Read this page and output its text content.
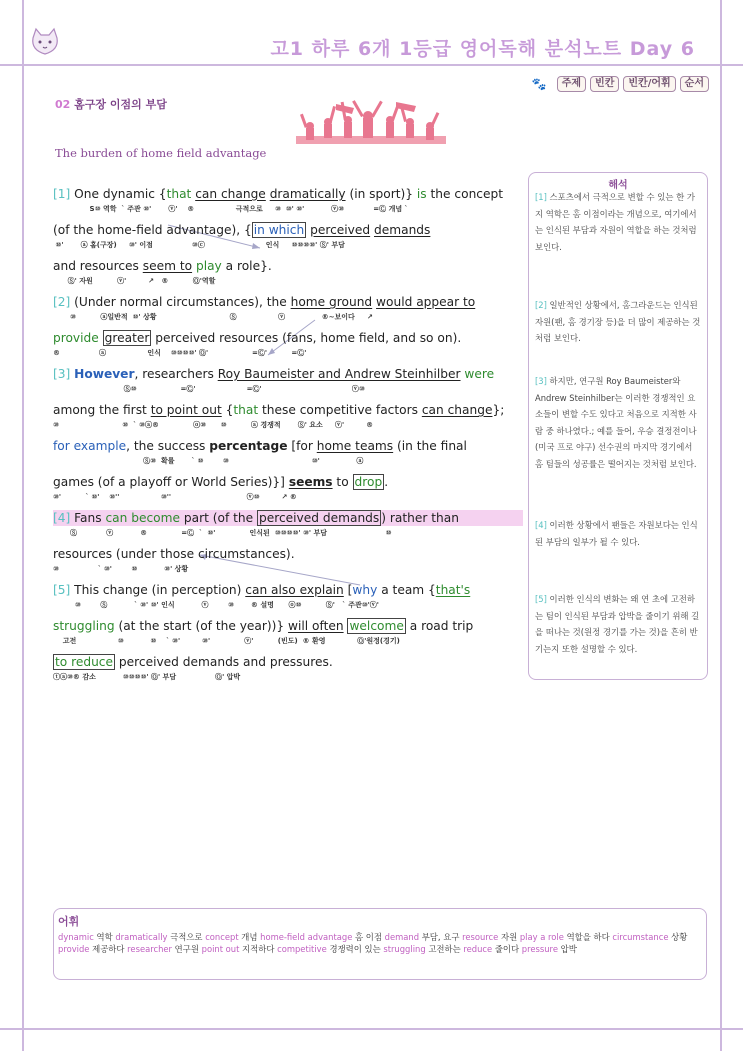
고1 하루 6개 1등급 영어독해 분석노트 Day 6
🐾	주제	빈칸	빈칸/어휘	순서
02 홈구장 이점의 부담
The burden of home field advantage
[1] One dynamic {that can change dramatically (in sport)} is the concept
S⑩ 역학  ˋ 주관 ⑩'       ⓥ'    ®                 극적으로     ⑩  ⑩' ⑩'           ⓥ⑩            =Ⓒ 개념 ˋ
(of the home-field advantage), { in which perceived demands
⑩'       ⓐ 홈(구장)     ⑩' 이점                ⑩ⓒ                         인식     ⑩⑩⑩⑩' Ⓢ' 부담
and resources seem to play a role}.
Ⓢ' 자원          ⓥ'         ↗   ®          Ⓞ'역할
[2] (Under normal circumstances), the home ground would appear to
⑩          ⓐ일반적  ⑩' 상황                              Ⓢ                 ⓥ               ®~보이다     ↗
provide greater perceived resources (fans, home field, and so on).
®                ⓐ                 인식    ⑩⑩⑩⑩' Ⓞ'                  =Ⓒ'          =Ⓒ'
[3] However, researchers Roy Baumeister and Andrew Steinhilber were
Ⓢ⑩                  =Ⓒ'                     =Ⓒ'                                     ⓥ⑩
among the first to point out {that these competitive factors can change};
⑩                          ⑩  ˋ ⑩ⓐ®              ⓞ⑩      ⑩          ⓐ 경쟁적       Ⓢ' 요소     ⓥ'         ®
for example, the success percentage [for home teams (in the final
Ⓢ⑩  확률       ˋ ⑩        ⑩                                  ⑩'               ⓐ
games (of a playoff or World Series)}] seems to drop .
⑩'          ˋ ⑩'    ⑩''                 ⑩''                               ⓥ⑩         ↗ ®
[4] Fans can become part (of the perceived demands ) rather than
Ⓢ            ⓥ           ®              =Ⓒ  ˋ  ⑩'              인식된  ⑩⑩⑩⑩' ⑩' 부담                        ⑩
resources (under those circumstances).
⑩                ˋ ⑩'        ⑩           ⑩' 상황
[5] This change (in perception) can also explain [why a team {that's
⑩        Ⓢ           ˋ ⑩' ⑩' 인식           ⓥ        ⑩       ® 설명      ⓞ⑩          Ⓢ'   ˋ 주관⑩'ⓥ'
struggling (at the start (of the year))} will often welcome a road trip
고전                 ⑩           ⑩    ˋ ⑩'         ⑩'              ⓥ'          (빈도)  ® 환영             Ⓞ'원정(경기)
to reduce perceived demands and pressures.
ⓣⓐ⑩® 감소           ⑩⑩⑩⑩' Ⓞ' 부담                Ⓞ' 압박
해석
[1] 스포츠에서 극적으로 변할 수 있는 한 가지 역학은 홈 이점이라는 개념으로, 여기에서는 인식된 부담과 자원이 역할을 하는 것처럼 보인다.
[2] 일반적인 상황에서, 홈그라운드는 인식된 자원(팬, 홈 경기장 등)을 더 많이 제공하는 것처럼 보인다.
[3] 하지만, 연구원 Roy Baumeister와 Andrew Steinhilber는 이러한 경쟁적인 요소들이 변할 수도 있다고 처음으로 지적한 사람 중 하나였다.; 예를 들어, 우승 결정전이나 (미국 프로 야구) 선수권의 마지막 경기에서 홈 팀들의 성공률은 떨어지는 것처럼 보인다.
[4] 이러한 상황에서 팬들은 자원보다는 인식된 부담의 일부가 될 수 있다.
[5] 이러한 인식의 변화는 왜 연 초에 고전하는 팀이 인식된 부담과 압박을 줄이기 위해 길을 떠나는 것(원정 경기를 가는 것)을 흔히 반기는지 또한 설명할 수 있다.
어휘
dynamic 역학 dramatically 극적으로 concept 개념 home-field advantage 홈 이점 demand 부담, 요구 resource 자원 play a role 역할을 하다 circumstance 상황 provide 제공하다 researcher 연구원 point out 지적하다 competitive 경쟁력이 있는 struggling 고전하는 reduce 줄이다 pressure 압박
